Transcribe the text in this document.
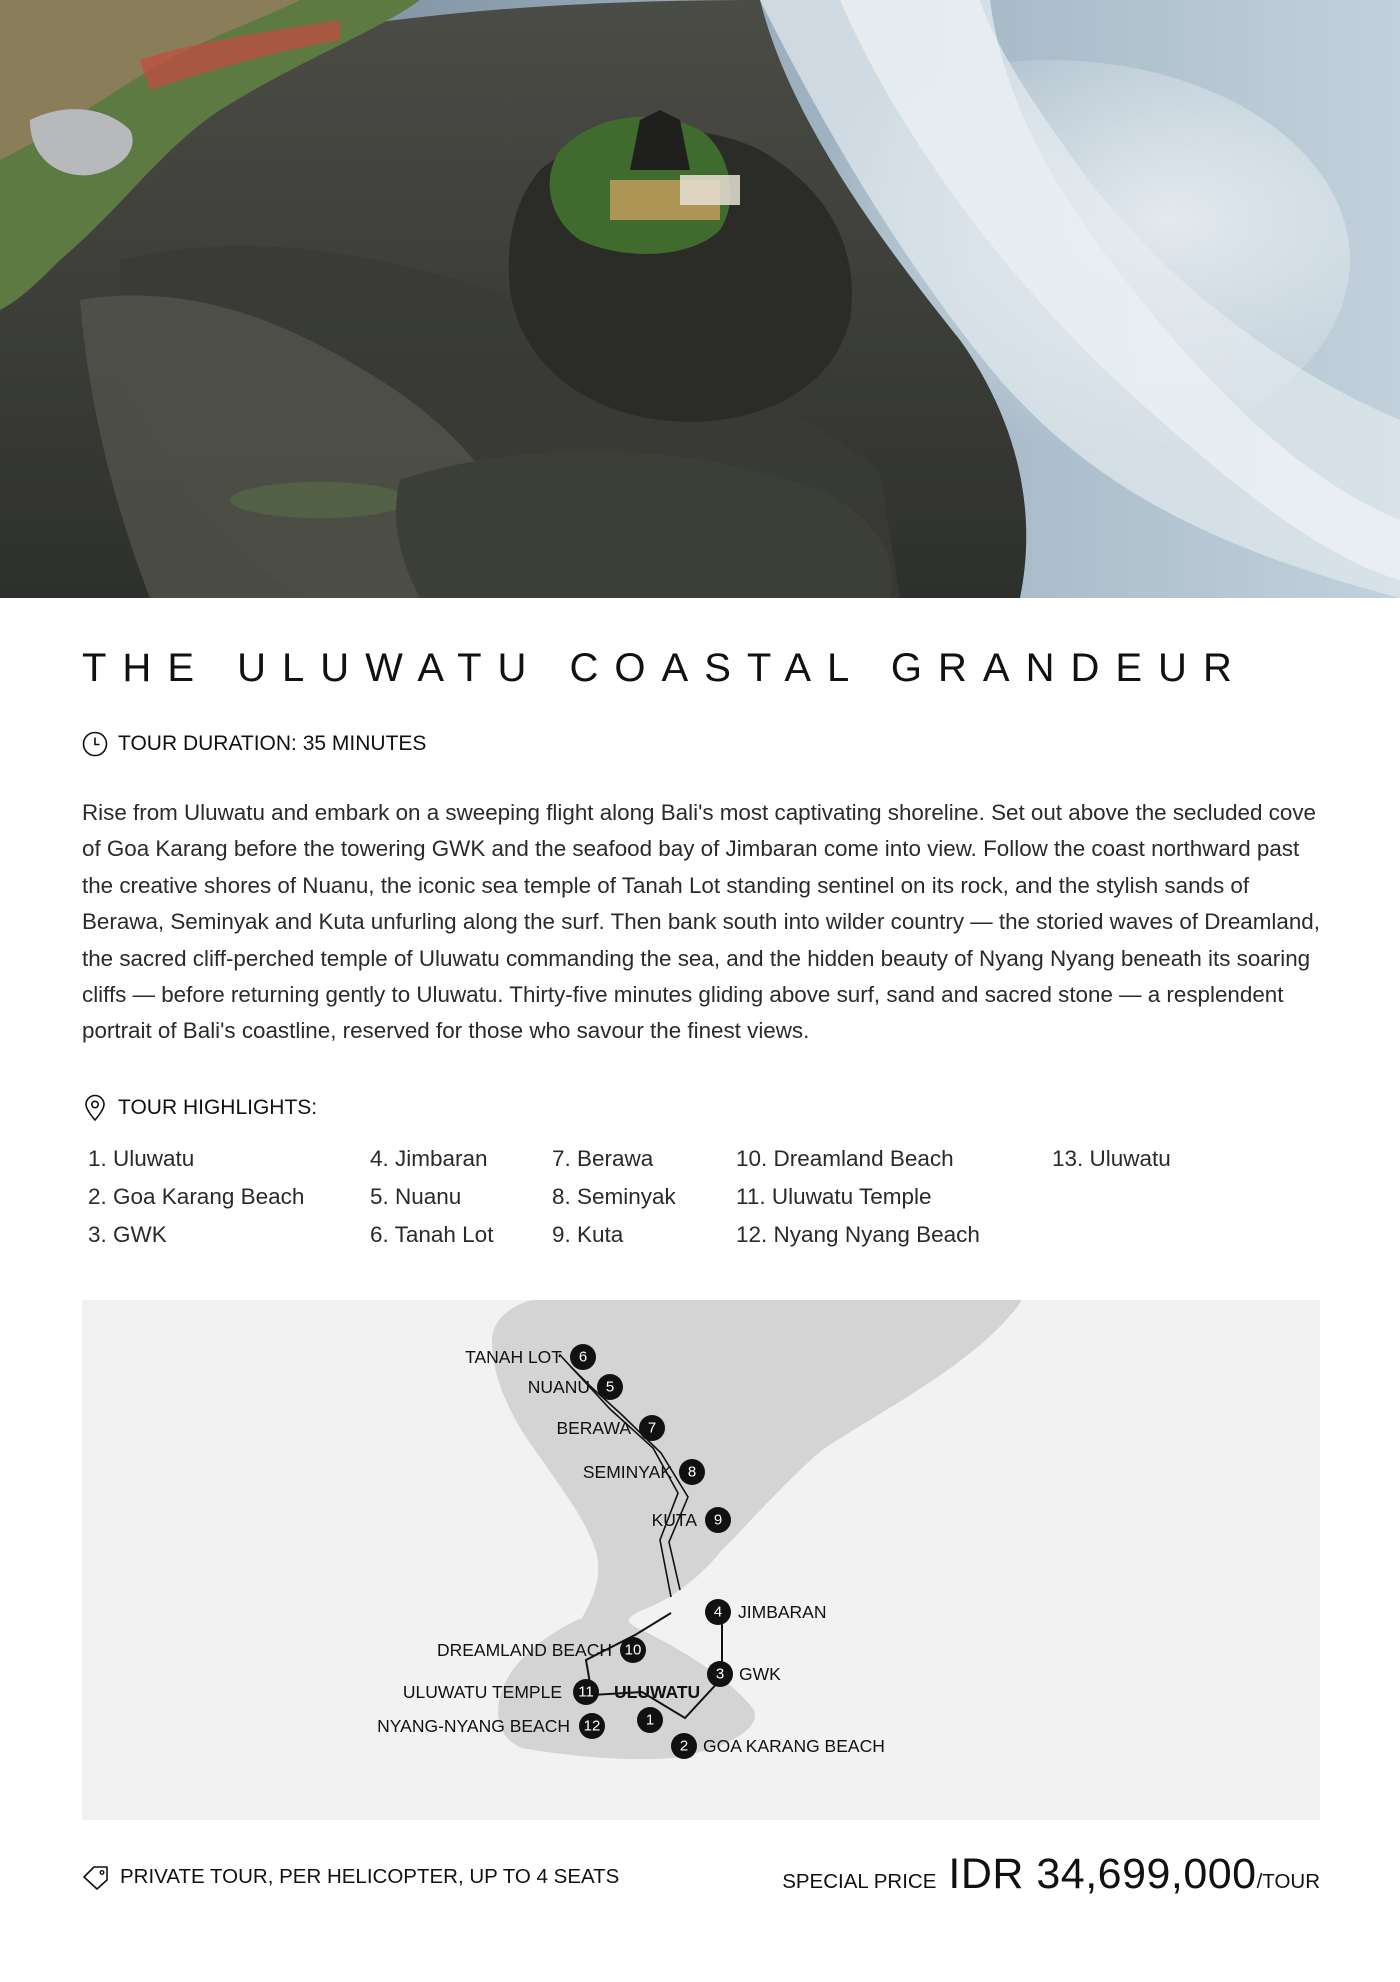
THE ULUWATU COASTAL GRANDEUR
TOUR DURATION: 35 MINUTES

Rise from Uluwatu and embark on a sweeping flight along Bali's most captivating shoreline. Set out above the secluded cove of Goa Karang before the towering GWK and the seafood bay of Jimbaran come into view. Follow the coast northward past the creative shores of Nuanu, the iconic sea temple of Tanah Lot standing sentinel on its rock, and the stylish sands of Berawa, Seminyak and Kuta unfurling along the surf. Then bank south into wilder country — the storied waves of Dreamland, the sacred cliff-perched temple of Uluwatu commanding the sea, and the hidden beauty of Nyang Nyang beneath its soaring cliffs — before returning gently to Uluwatu. Thirty-five minutes gliding above surf, sand and sacred stone — a resplendent portrait of Bali's coastline, reserved for those who savour the finest views.

TOUR HIGHLIGHTS:
1. Uluwatu
2. Goa Karang Beach
3. GWK
4. Jimbaran
5. Nuanu
6. Tanah Lot
7. Berawa
8. Seminyak
9. Kuta
10. Dreamland Beach
11. Uluwatu Temple
12. Nyang Nyang Beach
13. Uluwatu
6
TANAH LOT
5
NUANU
7
BERAWA
8
SEMINYAK
9
KUTA
4 JIMBARAN
10
DREAMLAND BEACH
3 GWK
11
ULUWATU TEMPLE
1
ULUWATU
12
NYANG-NYANG BEACH
2 GOA KARANG BEACH
PRIVATE TOUR, PER HELICOPTER, UP TO 4 SEATS	SPECIAL PRICE IDR 34,699,000 /TOUR
